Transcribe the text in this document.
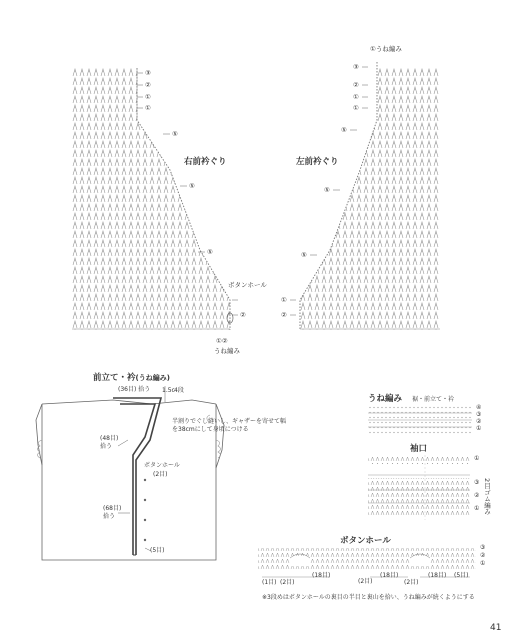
右前衿ぐり
③
②
①
①
⑤
⑤
⑤
ボタンホール
②
①②
うね編み
左前衿ぐり
①うね編み
③
②
①
①
⑤
⑤
⑤
①
②
前立て・衿(うね編み)
(36目) 拾う 1.5c 4段
半割りでぐし縫いし、ギャザーを寄せて幅を38cmにして身頃につける
(48目) 拾う
ボタンホール
(2目)
(68目) 拾う
(5目)
うね編み 裾・前立て・衿
④
③
②
①
袖口
①
③
②
① 2目ゴム編み
ボタンホール
③
②
①
(18目)	(18目)
(2目)
(18目) (5目)
(1目) (2目)	(2目)
※3段めはボタンホールの裏目の半目と裏山を拾い、うね編みが続くようにする
41
